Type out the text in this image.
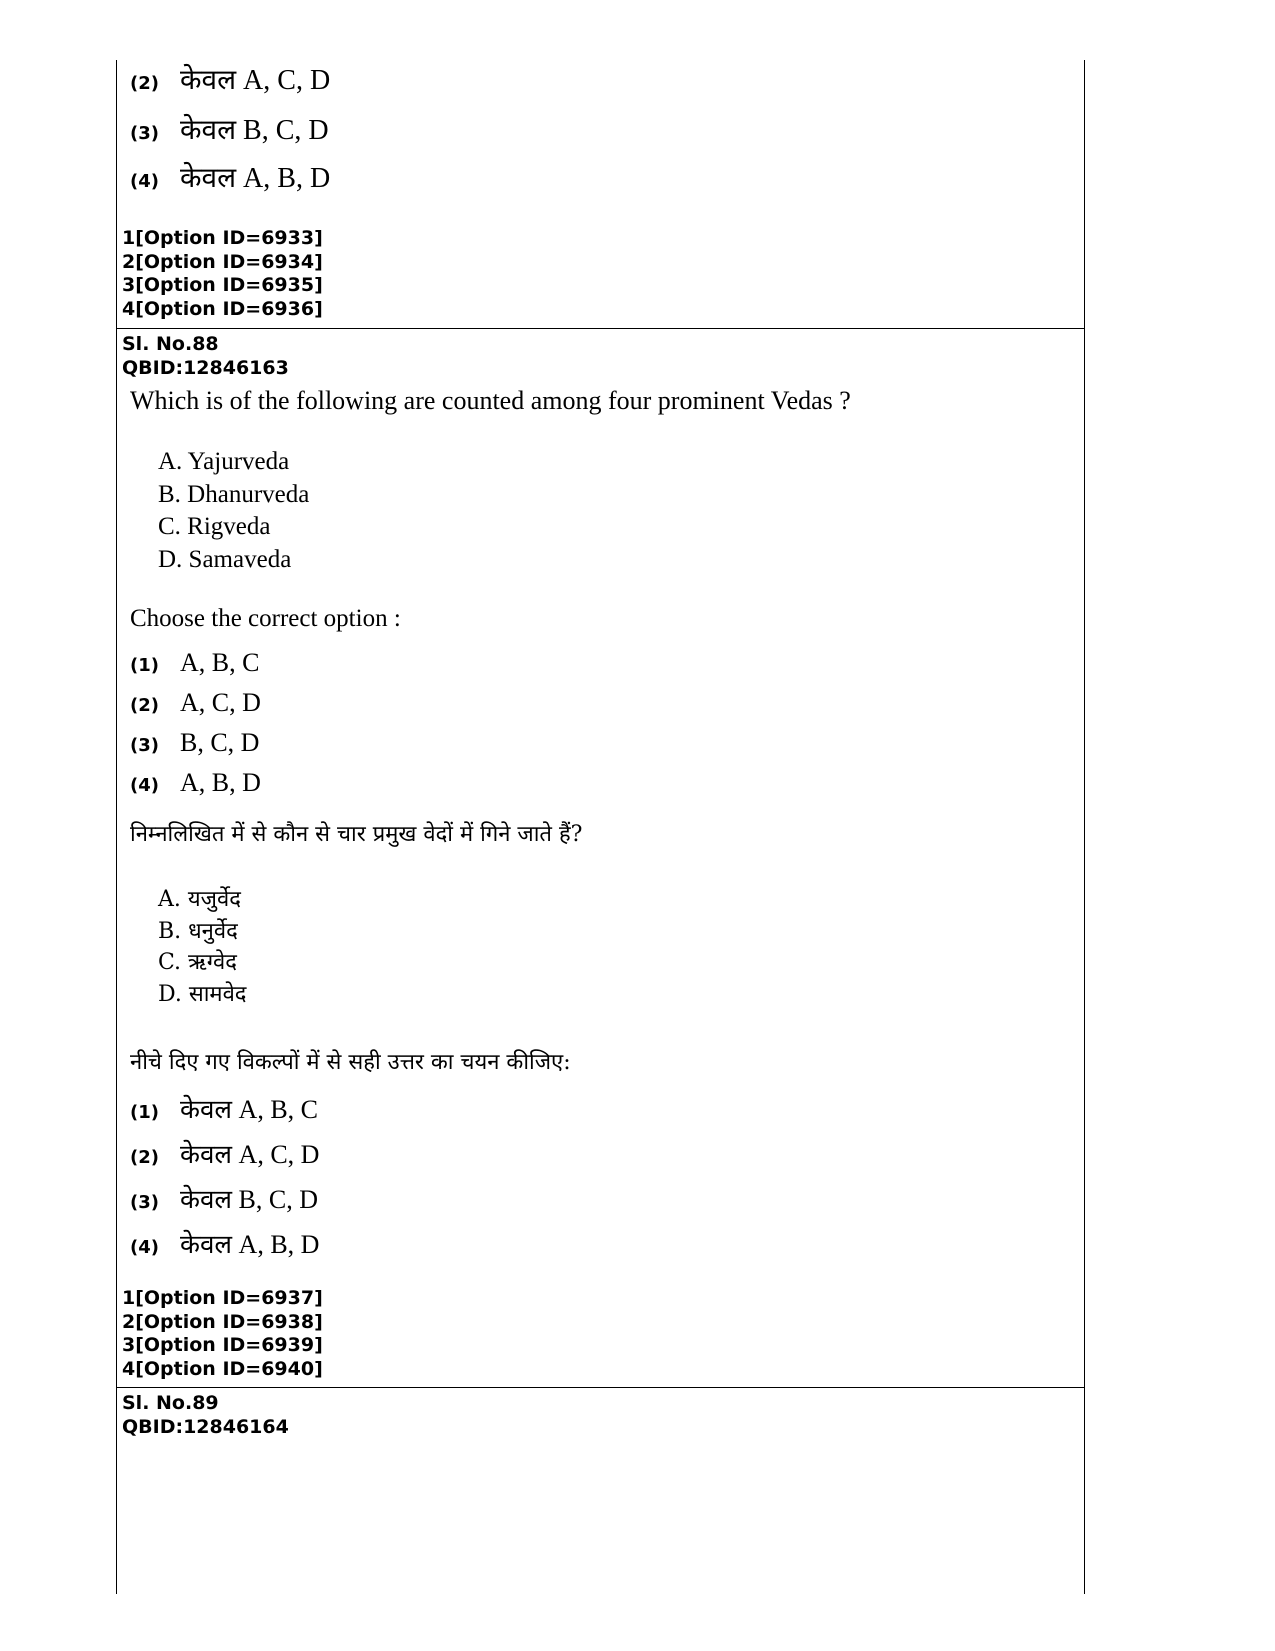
(2) केवल A, C, D
(3) केवल B, C, D
(4) केवल A, B, D
1[Option ID=6933]
2[Option ID=6934]
3[Option ID=6935]
4[Option ID=6936]
Sl. No.88
QBID:12846163
Which is of the following are counted among four prominent Vedas ?
A. Yajurveda
B. Dhanurveda
C. Rigveda
D. Samaveda
Choose the correct option :
(1) A, B, C
(2) A, C, D
(3) B, C, D
(4) A, B, D
निम्नलिखित में से कौन से चार प्रमुख वेदों में गिने जाते हैं?
A. यजुर्वेद
B. धनुर्वेद
C. ऋग्वेद
D. सामवेद
नीचे दिए गए विकल्पों में से सही उत्तर का चयन कीजिए:
(1) केवल A, B, C
(2) केवल A, C, D
(3) केवल B, C, D
(4) केवल A, B, D
1[Option ID=6937]
2[Option ID=6938]
3[Option ID=6939]
4[Option ID=6940]
Sl. No.89
QBID:12846164
